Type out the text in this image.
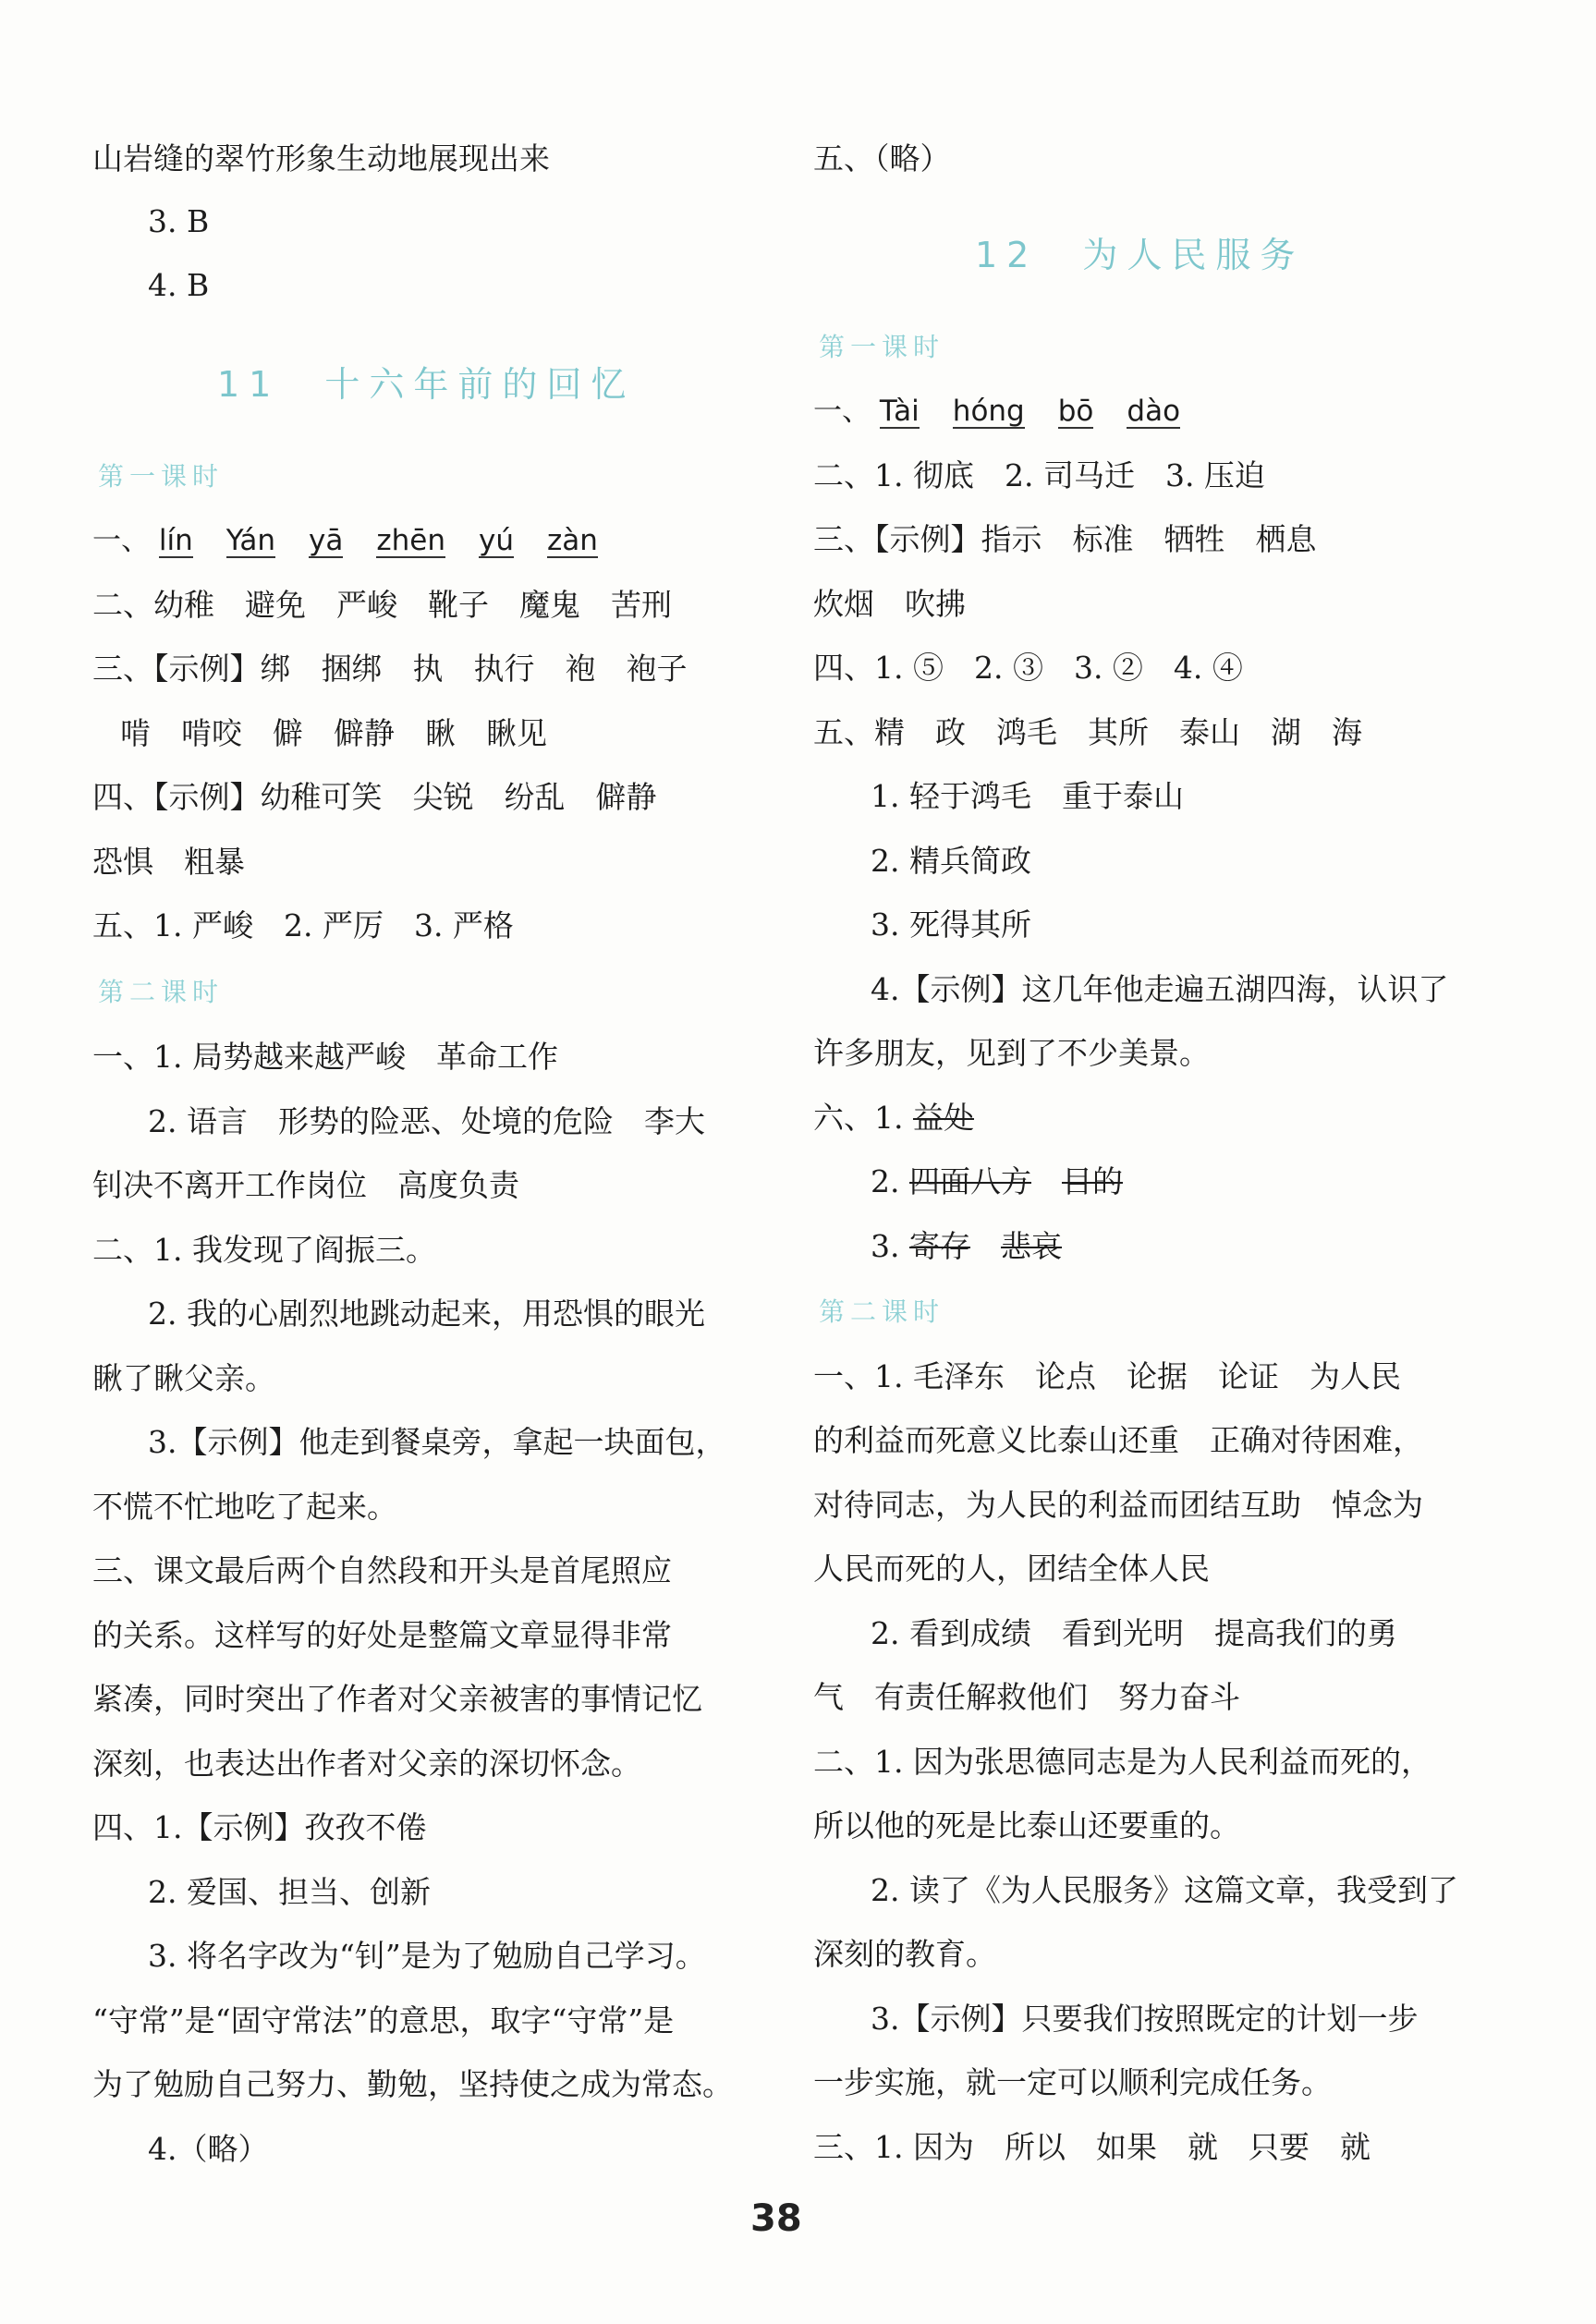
山岩缝的翠竹形象生动地展现出来
3. B
4. B
11　十六年前的回忆
第一课时
一、 lín Yán yā zhēn yú zàn
二、幼稚　避免　严峻　靴子　魔鬼　苦刑
三、【示例】绑　捆绑　执　执行　袍　袍子
啃　啃咬　僻　僻静　瞅　瞅见
四、【示例】幼稚可笑　尖锐　纷乱　僻静
恐惧　粗暴
五、1. 严峻　2. 严厉　3. 严格
第二课时
一、1. 局势越来越严峻　革命工作
2. 语言　形势的险恶、处境的危险　李大
钊决不离开工作岗位　高度负责
二、1. 我发现了阎振三。
2. 我的心剧烈地跳动起来，用恐惧的眼光
瞅了瞅父亲。
3.【示例】他走到餐桌旁，拿起一块面包，
不慌不忙地吃了起来。
三、课文最后两个自然段和开头是首尾照应
的关系。这样写的好处是整篇文章显得非常
紧凑，同时突出了作者对父亲被害的事情记忆
深刻，也表达出作者对父亲的深切怀念。
四、1.【示例】孜孜不倦
2. 爱国、担当、创新
3. 将名字改为“钊”是为了勉励自己学习。
“守常”是“固守常法”的意思，取字“守常”是
为了勉励自己努力、勤勉，坚持使之成为常态。
4.（略）
五、（略）
12　为人民服务
第一课时
一、 Tài hóng bō dào
二、1. 彻底　2. 司马迁　3. 压迫
三、【示例】指示　标准　牺牲　栖息
炊烟　吹拂
四、1. ⑤　2. ③　3. ②　4. ④
五、精　政　鸿毛　其所　泰山　湖　海
1. 轻于鸿毛　重于泰山
2. 精兵简政
3. 死得其所
4.【示例】这几年他走遍五湖四海，认识了
许多朋友，见到了不少美景。
六、1. 益处
2. 四面八方　 目的
3. 寄存　 悲哀
第二课时
一、1. 毛泽东　论点　论据　论证　为人民
的利益而死意义比泰山还重　正确对待困难，
对待同志，为人民的利益而团结互助　悼念为
人民而死的人，团结全体人民
2. 看到成绩　看到光明　提高我们的勇
气　有责任解救他们　努力奋斗
二、1. 因为张思德同志是为人民利益而死的，
所以他的死是比泰山还要重的。
2. 读了《为人民服务》这篇文章，我受到了
深刻的教育。
3.【示例】只要我们按照既定的计划一步
一步实施，就一定可以顺利完成任务。
三、1. 因为　所以　如果　就　只要　就
38
